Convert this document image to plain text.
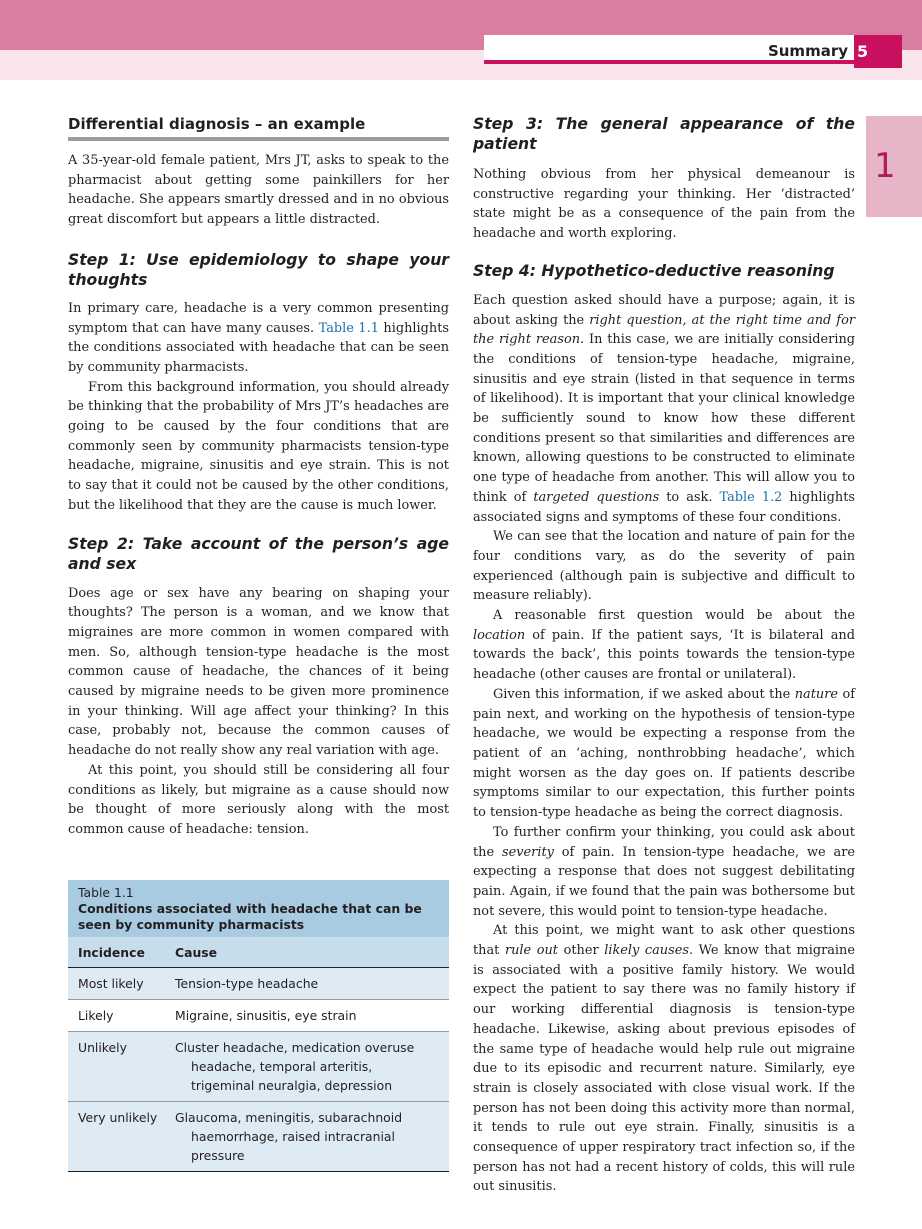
Summary 5
1
Differential diagnosis – an example

A 35-year-old female patient, Mrs JT, asks to speak to the pharmacist about getting some painkillers for her headache. She appears smartly dressed and in no obvious great discomfort but appears a little distracted.

Step 1: Use epidemiology to shape your thoughts

In primary care, headache is a very common presenting symptom that can have many causes. Table 1.1 highlights the conditions associated with headache that can be seen by community pharmacists.

From this background information, you should already be thinking that the probability of Mrs JT’s headaches are going to be caused by the four conditions that are commonly seen by community pharmacists tension-type headache, migraine, sinusitis and eye strain. This is not to say that it could not be caused by the other conditions, but the likelihood that they are the cause is much lower.

Step 2: Take account of the person’s age and sex

Does age or sex have any bearing on shaping your thoughts? The person is a woman, and we know that migraines are more common in women compared with men. So, although tension-type headache is the most common cause of headache, the chances of it being caused by migraine needs to be given more prominence in your thinking. Will age affect your thinking? In this case, probably not, because the common causes of headache do not really show any real variation with age.

At this point, you should still be considering all four conditions as likely, but migraine as a cause should now be thought of more seriously along with the most common cause of headache: tension.

Table 1.1
Conditions associated with headache that can be seen by community pharmacists
Incidence	Cause
Most likely	Tension-type headache
Likely	Migraine, sinusitis, eye strain
Unlikely	Cluster headache, medication overuse headache, temporal arteritis, trigeminal neuralgia, depression
Very unlikely	Glaucoma, meningitis, subarachnoid haemorrhage, raised intracranial pressure
Step 3: The general appearance of the patient

Nothing obvious from her physical demeanour is constructive regarding your thinking. Her ‘distracted’ state might be as a consequence of the pain from the headache and worth exploring.

Step 4: Hypothetico-deductive reasoning

Each question asked should have a purpose; again, it is about asking the right question, at the right time and for the right reason. In this case, we are initially considering the conditions of tension-type headache, migraine, sinusitis and eye strain (listed in that sequence in terms of likelihood). It is important that your clinical knowledge be sufficiently sound to know how these different conditions present so that similarities and differences are known, allowing questions to be constructed to eliminate one type of headache from another. This will allow you to think of targeted questions to ask. Table 1.2 highlights associated signs and symptoms of these four conditions.

We can see that the location and nature of pain for the four conditions vary, as do the severity of pain experienced (although pain is subjective and difficult to measure reliably).

A reasonable first question would be about the location of pain. If the patient says, ‘It is bilateral and towards the back’, this points towards the tension-type headache (other causes are frontal or unilateral).

Given this information, if we asked about the nature of pain next, and working on the hypothesis of tension-type headache, we would be expecting a response from the patient of an ‘aching, nonthrobbing headache’, which might worsen as the day goes on. If patients describe symptoms similar to our expectation, this further points to tension-type headache as being the correct diagnosis.

To further confirm your thinking, you could ask about the severity of pain. In tension-type headache, we are expecting a response that does not suggest debilitating pain. Again, if we found that the pain was bothersome but not severe, this would point to tension-type headache.

At this point, we might want to ask other questions that rule out other likely causes. We know that migraine is associated with a positive family history. We would expect the patient to say there was no family history if our working differential diagnosis is tension-type headache. Likewise, asking about previous episodes of the same type of headache would help rule out migraine due to its episodic and recurrent nature. Similarly, eye strain is closely associated with close visual work. If the person has not been doing this activity more than normal, it tends to rule out eye strain. Finally, sinusitis is a consequence of upper respiratory tract infection so, if the person has not had a recent history of colds, this will rule out sinusitis.
